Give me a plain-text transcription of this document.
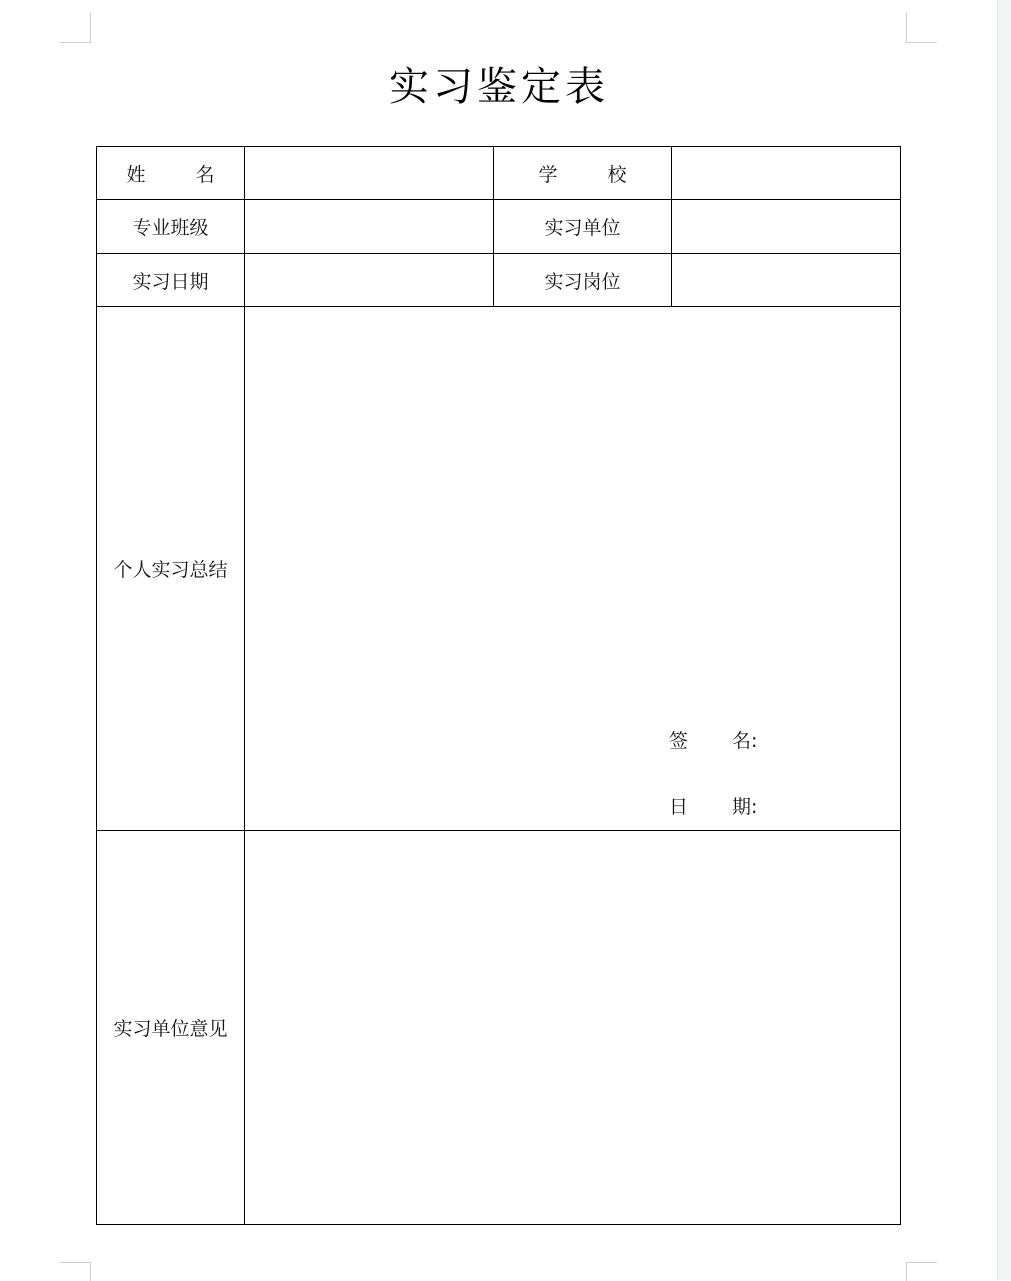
实习鉴定表
姓 名		学 校	
专业班级		实习单位	
实习日期		实习岗位	
个人实习总结	签 名:
日 期:		

实习单位意见			
